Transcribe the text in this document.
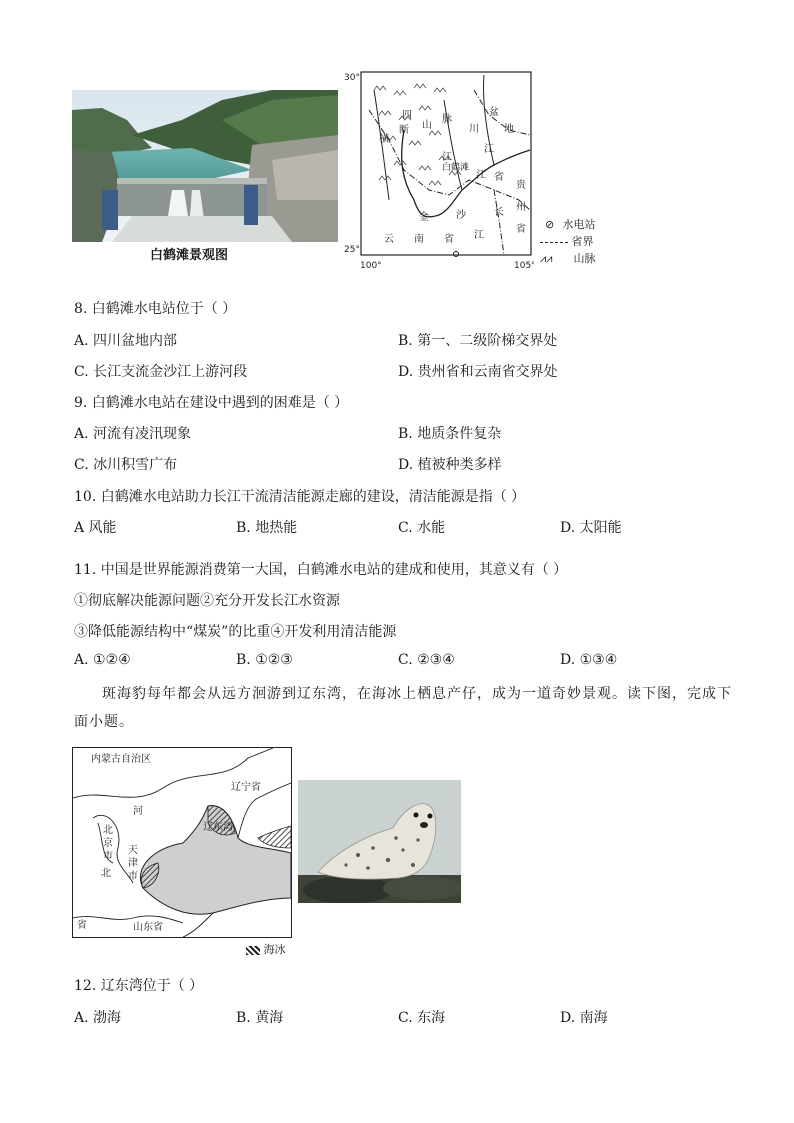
白鹤滩景观图
30°
25°
100°	105°
四
川
盆
地
横
断 山
脉
江
白鹤滩
江
贵
州
省
金	沙
云 南 省 江
长
省
江
⊘ 水电站
省界
⩘⩘ 山脉
8. 白鹤滩水电站位于（ ）
A. 四川盆地内部	B. 第一、二级阶梯交界处
C. 长江支流金沙江上游河段	D. 贵州省和云南省交界处
9. 白鹤滩水电站在建设中遇到的困难是（ ）
A. 河流有凌汛现象	B. 地质条件复杂
C. 冰川积雪广布	D. 植被种类多样
10. 白鹤滩水电站助力长江干流清洁能源走廊的建设，清洁能源是指（ ）
A 风能	B. 地热能	C. 水能	D. 太阳能
11. 中国是世界能源消费第一大国，白鹤滩水电站的建成和使用，其意义有（ ）
①彻底解决能源问题②充分开发长江水资源
③降低能源结构中“煤炭”的比重④开发利用清洁能源
A. ①②④	B. ①②③	C. ②③④	D. ①③④
斑海豹每年都会从远方洄游到辽东湾，在海冰上栖息产仔，成为一道奇妙景观。读下图，完成下面小题。
内蒙古自治区
辽宁省
辽东湾
河
北
京
市
天
津
市
北
省	山东省
海冰
12. 辽东湾位于（ ）
A. 渤海	B. 黄海	C. 东海	D. 南海
